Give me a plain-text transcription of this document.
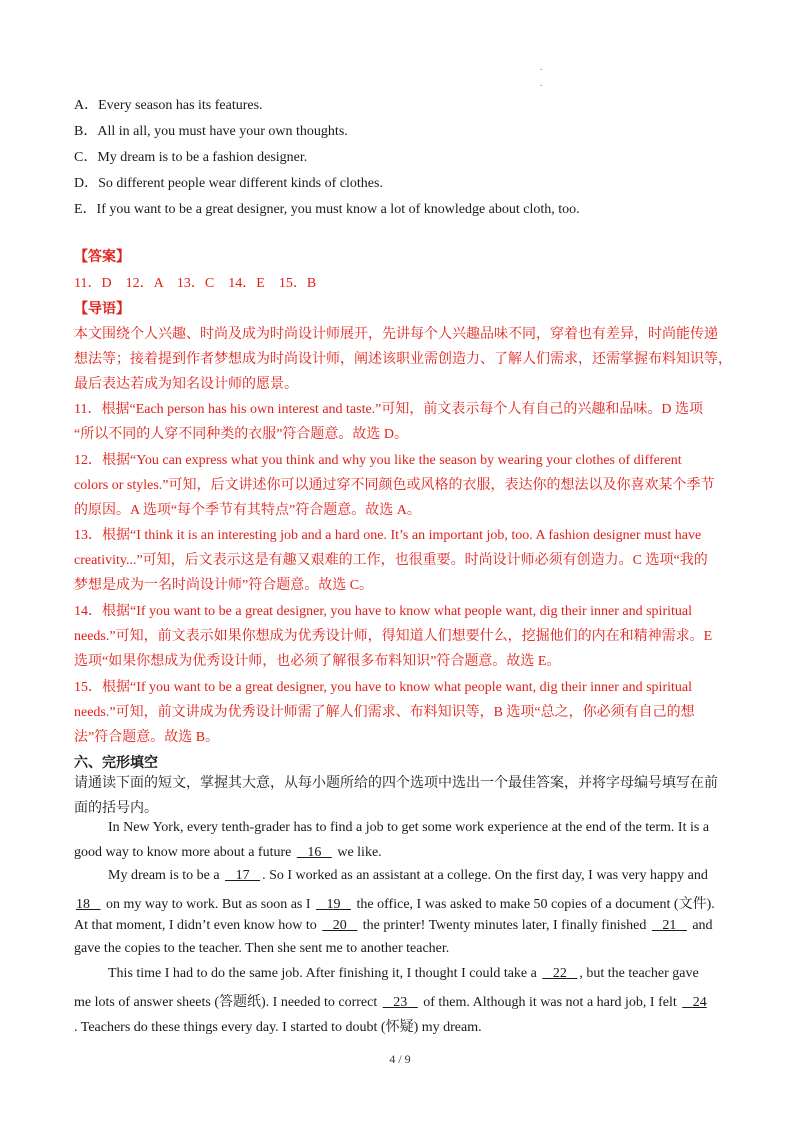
.
.
A．Every season has its features.
B．All in all, you must have your own thoughts.
C．My dream is to be a fashion designer.
D．So different people wear different kinds of clothes.
E．If you want to be a great designer, you must know a lot of knowledge about cloth, too.
【答案】
11．D　12．A　13．C　14．E　15．B
【导语】
本文围绕个人兴趣、时尚及成为时尚设计师展开，先讲每个人兴趣品味不同，穿着也有差异，时尚能传递
想法等；接着提到作者梦想成为时尚设计师，阐述该职业需创造力、了解人们需求，还需掌握布料知识等，
最后表达若成为知名设计师的愿景。
11．根据“Each person has his own interest and taste.”可知，前文表示每个人有自己的兴趣和品味。D 选项
“所以不同的人穿不同种类的衣服”符合题意。故选 D。
12．根据“You can express what you think and why you like the season by wearing your clothes of different
colors or styles.”可知，后文讲述你可以通过穿不同颜色或风格的衣服，表达你的想法以及你喜欢某个季节
的原因。A 选项“每个季节有其特点”符合题意。故选 A。
13．根据“I think it is an interesting job and a hard one. It’s an important job, too. A fashion designer must have
creativity...”可知，后文表示这是有趣又艰难的工作，也很重要。时尚设计师必须有创造力。C 选项“我的
梦想是成为一名时尚设计师”符合题意。故选 C。
14．根据“If you want to be a great designer, you have to know what people want, dig their inner and spiritual
needs.”可知，前文表示如果你想成为优秀设计师，得知道人们想要什么，挖掘他们的内在和精神需求。E
选项“如果你想成为优秀设计师，也必须了解很多布料知识”符合题意。故选 E。
15．根据“If you want to be a great designer, you have to know what people want, dig their inner and spiritual
needs.”可知，前文讲成为优秀设计师需了解人们需求、布料知识等，B 选项“总之，你必须有自己的想
法”符合题意。故选 B。
六、完形填空
请通读下面的短文，掌握其大意，从每小题所给的四个选项中选出一个最佳答案，并将字母编号填写在前
面的括号内。
In New York, every tenth-grader has to find a job to get some work experience at the end of the term. It is a
good way to know more about a future    16    we like.
My dream is to be a    17 . So I worked as an assistant at a college. On the first day, I was very happy and
18    on my way to work. But as soon as I    19    the office, I was asked to make 50 copies of a document (文件).
At that moment, I didn’t even know how to    20    the printer! Twenty minutes later, I finally finished    21    and
gave the copies to the teacher. Then she sent me to another teacher.
This time I had to do the same job. After finishing it, I thought I could take a    22 , but the teacher gave
me lots of answer sheets (答题纸). I needed to correct    23    of them. Although it was not a hard job, I felt    24
. Teachers do these things every day. I started to doubt (怀疑) my dream.
4 / 9
